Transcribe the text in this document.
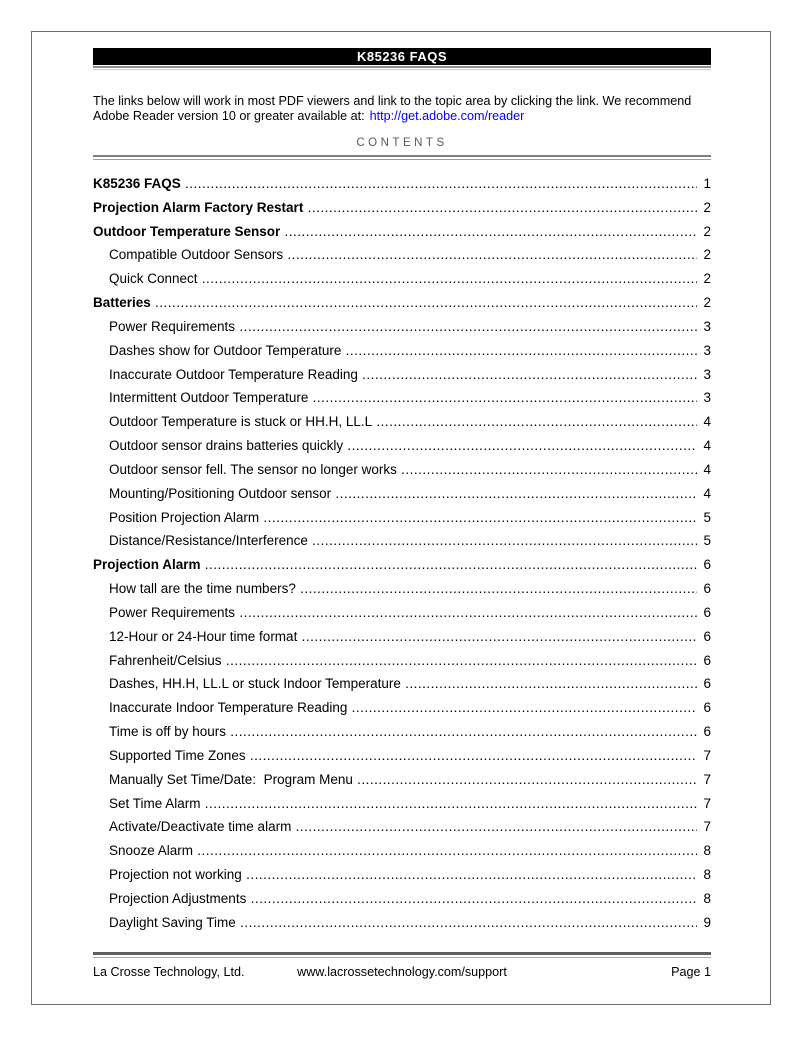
K85236 FAQS

The links below will work in most PDF viewers and link to the topic area by clicking the link. We recommend Adobe Reader version 10 or greater available at: http://get.adobe.com/reader

CONTENTS
K85236 FAQS .....	1
Projection Alarm Factory Restart .....	2
Outdoor Temperature Sensor .....	2
Compatible Outdoor Sensors .....	2
Quick Connect .....	2
Batteries .....	2
Power Requirements .....	3
Dashes show for Outdoor Temperature .....	3
Inaccurate Outdoor Temperature Reading .....	3
Intermittent Outdoor Temperature .....	3
Outdoor Temperature is stuck or HH.H, LL.L .....	4
Outdoor sensor drains batteries quickly .....	4
Outdoor sensor fell. The sensor no longer works .....	4
Mounting/Positioning Outdoor sensor .....	4
Position Projection Alarm .....	5
Distance/Resistance/Interference .....	5
Projection Alarm .....	6
How tall are the time numbers? .....	6
Power Requirements .....	6
12-Hour or 24-Hour time format .....	6
Fahrenheit/Celsius .....	6
Dashes, HH.H, LL.L or stuck Indoor Temperature .....	6
Inaccurate Indoor Temperature Reading .....	6
Time is off by hours .....	6
Supported Time Zones .....	7
Manually Set Time/Date:  Program Menu .....	7
Set Time Alarm .....	7
Activate/Deactivate time alarm .....	7
Snooze Alarm .....	8
Projection not working .....	8
Projection Adjustments .....	8
Daylight Saving Time .....	9
La Crosse Technology, Ltd.	www.lacrossetechnology.com/support	Page 1
